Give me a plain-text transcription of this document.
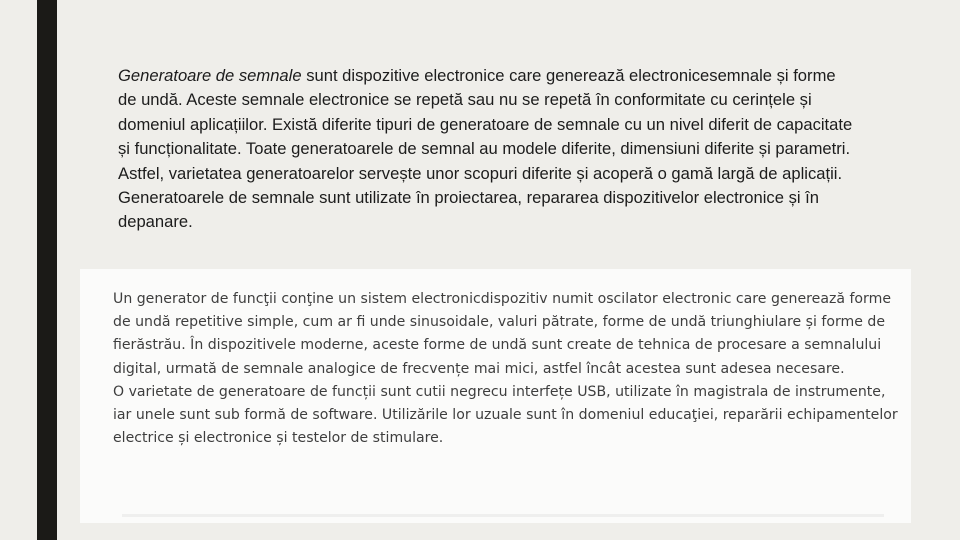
Generatoare de semnale sunt dispozitive electronice care generează electronicesemnale și forme de undă. Aceste semnale electronice se repetă sau nu se repetă în conformitate cu cerințele și domeniul aplicațiilor. Există diferite tipuri de generatoare de semnale cu un nivel diferit de capacitate și funcționalitate. Toate generatoarele de semnal au modele diferite, dimensiuni diferite și parametri. Astfel, varietatea generatoarelor servește unor scopuri diferite și acoperă o gamă largă de aplicații. Generatoarele de semnale sunt utilizate în proiectarea, repararea dispozitivelor electronice și în depanare.

Un generator de funcţii conţine un sistem electronicdispozitiv numit oscilator electronic care generează forme de undă repetitive simple, cum ar fi unde sinusoidale, valuri pătrate, forme de undă triunghiulare și forme de fierăstrău. În dispozitivele moderne, aceste forme de undă sunt create de tehnica de procesare a semnalului digital, urmată de semnale analogice de frecvențe mai mici, astfel încât acestea sunt adesea necesare.

O varietate de generatoare de funcții sunt cutii negrecu interfețe USB, utilizate în magistrala de instrumente, iar unele sunt sub formă de software. Utilizările lor uzuale sunt în domeniul educaţiei, reparării echipamentelor electrice și electronice și testelor de stimulare.
